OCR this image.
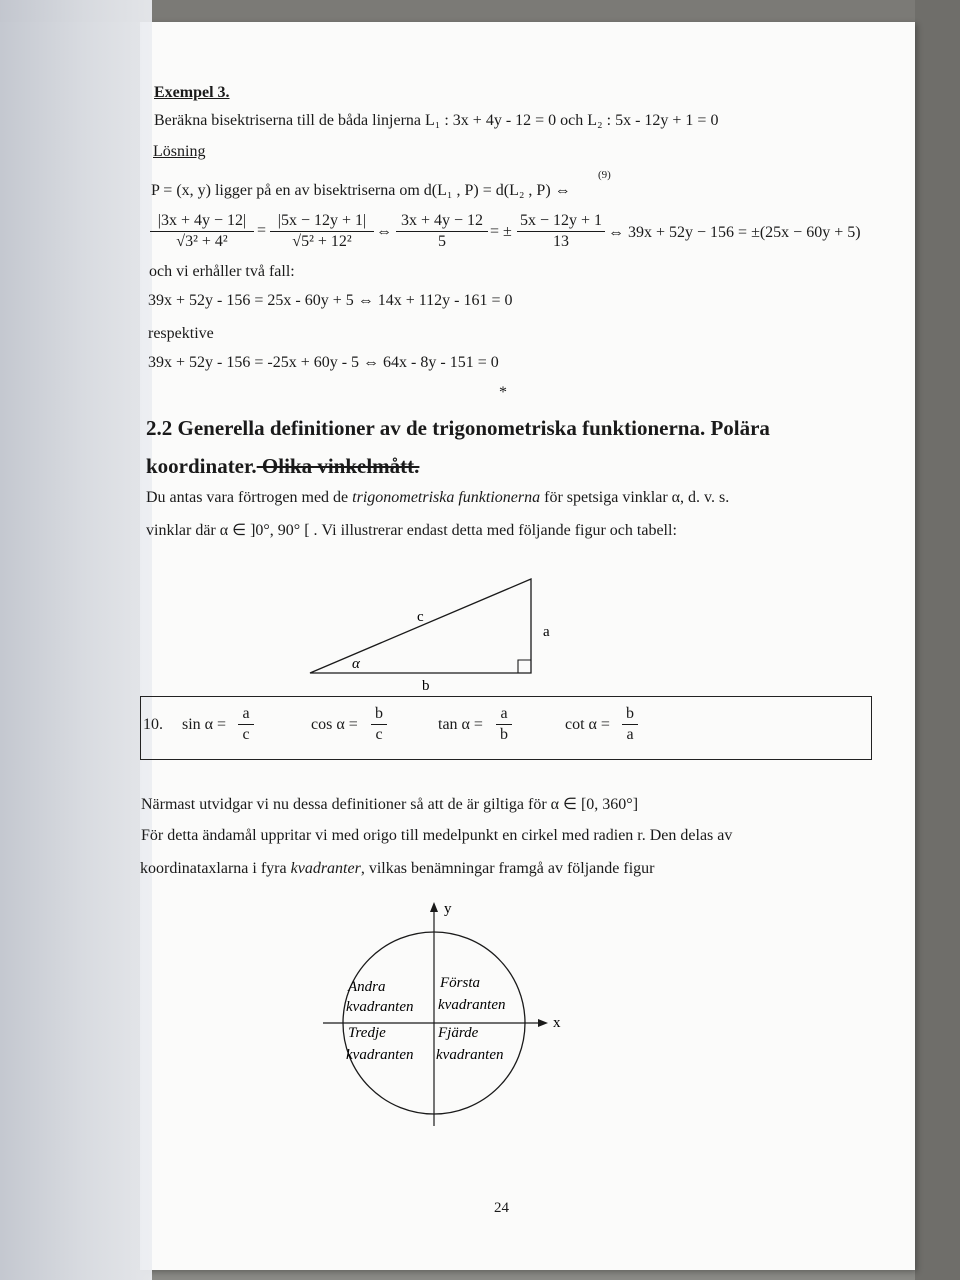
Exempel 3.
Beräkna bisektriserna till de båda linjerna L₁ : 3x + 4y - 12 = 0 och L₂ : 5x - 12y + 1 = 0
Lösning
(9)
P = (x, y) ligger på en av bisektriserna om d(L₁ , P) = d(L₂ , P) ⇔
$\frac{|3x + 4y - 12|}{\text{√3² + 4²}} = \frac{|5x - 12y + 1|}{\text{√5² + 12²}}$ ⇔ $\frac{3x + 4y - 12}{5}$ = ± $\frac{5x - 12y + 1}{13}$ ⇔ 39x + 52y − 156 = ±(25x − 60y + 5)
och vi erhåller två fall:
39x + 52y - 156 = 25x - 60y + 5 ⇔ 14x + 112y - 161 = 0
respektive
39x + 52y - 156 = -25x + 60y - 5 ⇔ 64x - 8y - 151 = 0
*
2.2 Generella definitioner av de trigonometriska funktionerna. Polära
koordinater. Olika vinkelmått.
Du antas vara förtrogen med de trigonometriska funktionerna för spetsiga vinklar α, d. v. s.
vinklar där α ∈ ]0°, 90° [ . Vi illustrerar endast detta med följande figur och tabell:
c
a
b
α
10. $\sin \alpha = \frac{a}{c}$	$\cos \alpha = \frac{b}{c}$	$\tan \alpha = \frac{a}{b}$	$\cot \alpha = \frac{b}{a}$
Närmast utvidgar vi nu dessa definitioner så att de är giltiga för α ∈ [0, 360°]
För detta ändamål uppritar vi med origo till medelpunkt en cirkel med radien r. Den delas av
koordinataxlarna i fyra kvadranter, vilkas benämningar framgå av följande figur
y
x
Andra
kvadranten
Första
kvadranten
Tredje
kvadranten
Fjärde
kvadranten
24
